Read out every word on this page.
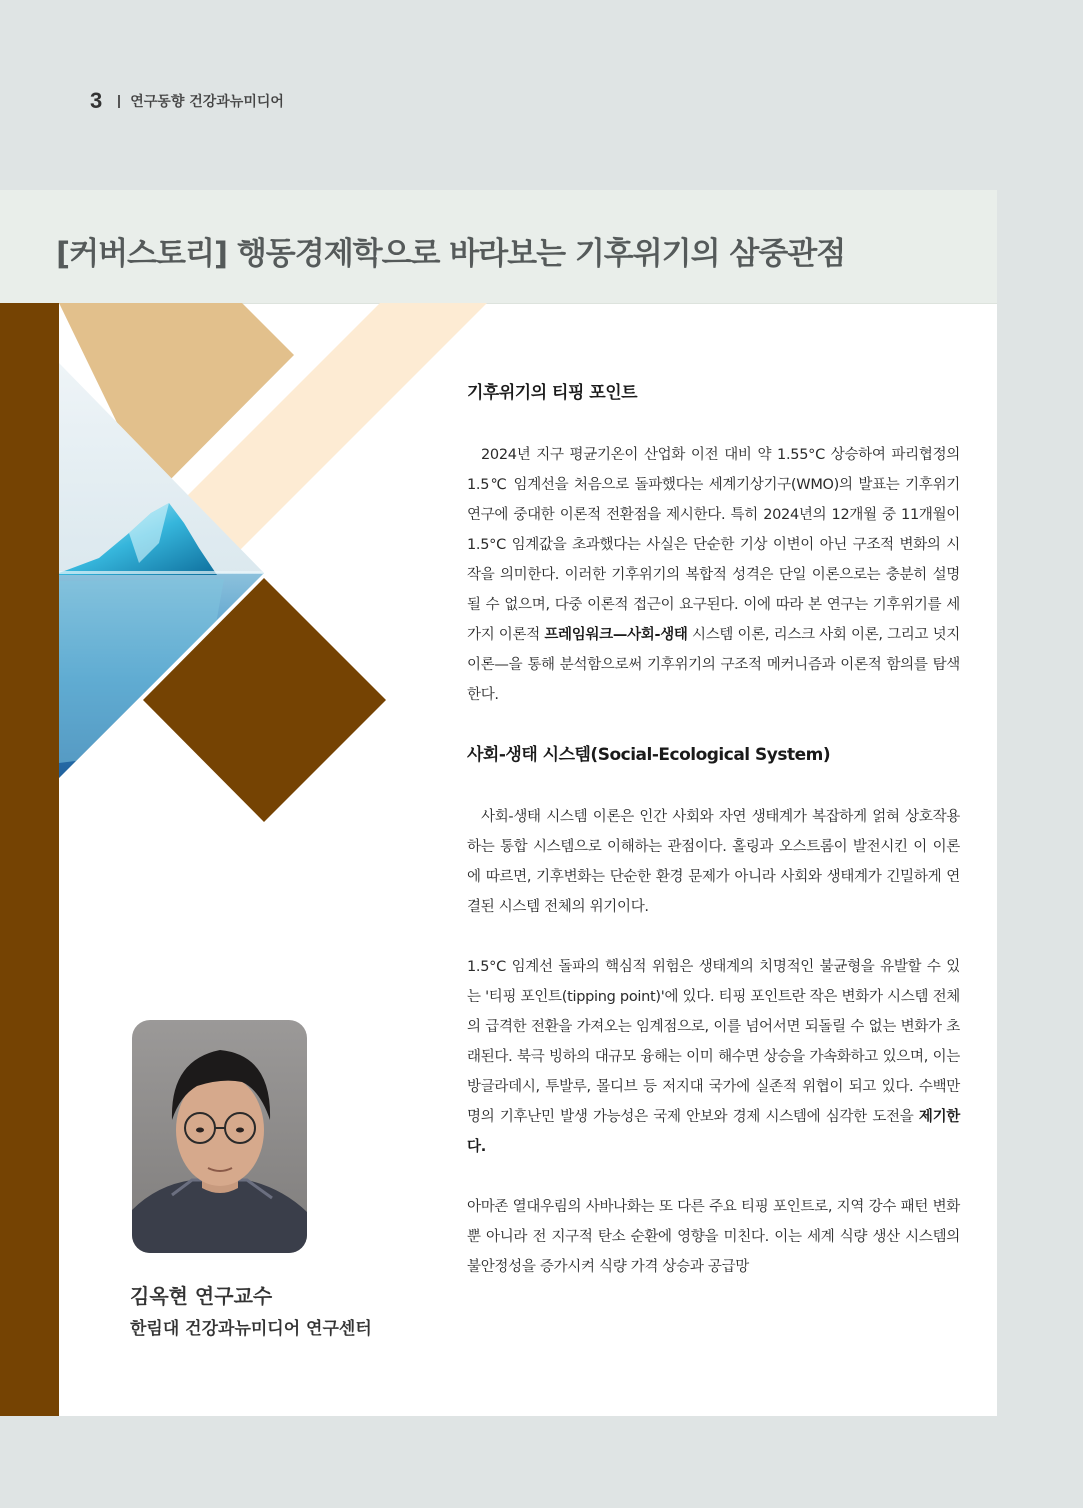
3 연구동향 건강과뉴미디어
[커버스토리] 행동경제학으로 바라보는 기후위기의 삼중관점
김옥현 연구교수
한림대 건강과뉴미디어 연구센터
기후위기의 티핑 포인트

2024년 지구 평균기온이 산업화 이전 대비 약 1.55°C 상승하여 파리협정의 1.5℃ 임계선을 처음으로 돌파했다는 세계기상기구(WMO)의 발표는 기후위기 연구에 중대한 이론적 전환점을 제시한다. 특히 2024년의 12개월 중 11개월이 1.5°C 임계값을 초과했다는 사실은 단순한 기상 이변이 아닌 구조적 변화의 시작을 의미한다. 이러한 기후위기의 복합적 성격은 단일 이론으로는 충분히 설명될 수 없으며, 다중 이론적 접근이 요구된다. 이에 따라 본 연구는 기후위기를 세 가지 이론적 프레임워크—사회-생태 시스템 이론, 리스크 사회 이론, 그리고 넛지 이론—을 통해 분석함으로써 기후위기의 구조적 메커니즘과 이론적 함의를 탐색한다.

사회-생태 시스템(Social-Ecological System)

사회-생태 시스템 이론은 인간 사회와 자연 생태계가 복잡하게 얽혀 상호작용하는 통합 시스템으로 이해하는 관점이다. 홀링과 오스트롬이 발전시킨 이 이론에 따르면, 기후변화는 단순한 환경 문제가 아니라 사회와 생태계가 긴밀하게 연결된 시스템 전체의 위기이다.

1.5°C 임계선 돌파의 핵심적 위험은 생태계의 치명적인 불균형을 유발할 수 있는 '티핑 포인트(tipping point)'에 있다. 티핑 포인트란 작은 변화가 시스템 전체의 급격한 전환을 가져오는 임계점으로, 이를 넘어서면 되돌릴 수 없는 변화가 초래된다. 북극 빙하의 대규모 융해는 이미 해수면 상승을 가속화하고 있으며, 이는 방글라데시, 투발루, 몰디브 등 저지대 국가에 실존적 위협이 되고 있다. 수백만 명의 기후난민 발생 가능성은 국제 안보와 경제 시스템에 심각한 도전을 제기한다.

아마존 열대우림의 사바나화는 또 다른 주요 티핑 포인트로, 지역 강수 패턴 변화뿐 아니라 전 지구적 탄소 순환에 영향을 미친다. 이는 세계 식량 생산 시스템의 불안정성을 증가시켜 식량 가격 상승과 공급망
